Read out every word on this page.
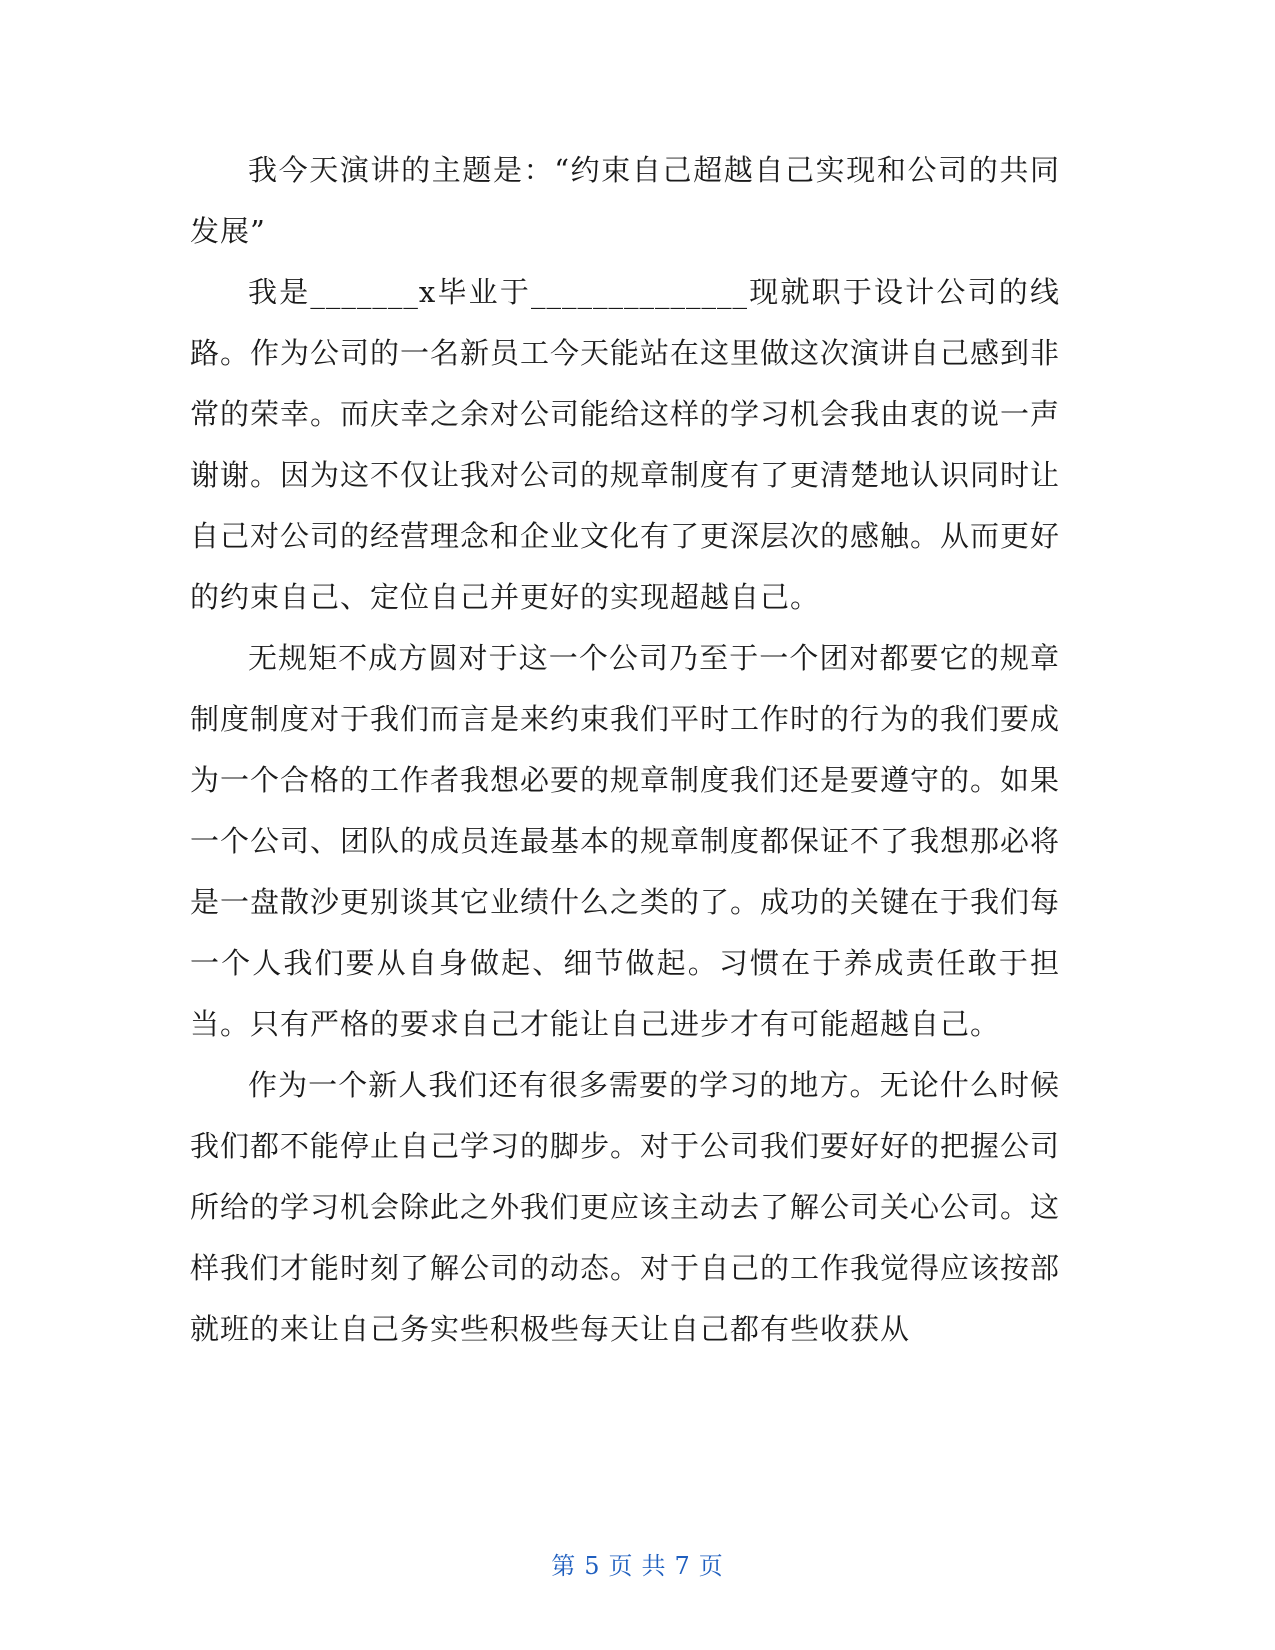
我今天演讲的主题是：“约束自己超越自己实现和公司的共同发展”

我是_______x毕业于______________现就职于设计公司的线路。作为公司的一名新员工今天能站在这里做这次演讲自己感到非常的荣幸。而庆幸之余对公司能给这样的学习机会我由衷的说一声谢谢。因为这不仅让我对公司的规章制度有了更清楚地认识同时让自己对公司的经营理念和企业文化有了更深层次的感触。从而更好的约束自己、定位自己并更好的实现超越自己。

无规矩不成方圆对于这一个公司乃至于一个团对都要它的规章制度制度对于我们而言是来约束我们平时工作时的行为的我们要成为一个合格的工作者我想必要的规章制度我们还是要遵守的。如果一个公司、团队的成员连最基本的规章制度都保证不了我想那必将是一盘散沙更别谈其它业绩什么之类的了。成功的关键在于我们每一个人我们要从自身做起、细节做起。习惯在于养成责任敢于担当。只有严格的要求自己才能让自己进步才有可能超越自己。

作为一个新人我们还有很多需要的学习的地方。无论什么时候我们都不能停止自己学习的脚步。对于公司我们要好好的把握公司所给的学习机会除此之外我们更应该主动去了解公司关心公司。这样我们才能时刻了解公司的动态。对于自己的工作我觉得应该按部就班的来让自己务实些积极些每天让自己都有些收获从

第 5 页 共 7 页
